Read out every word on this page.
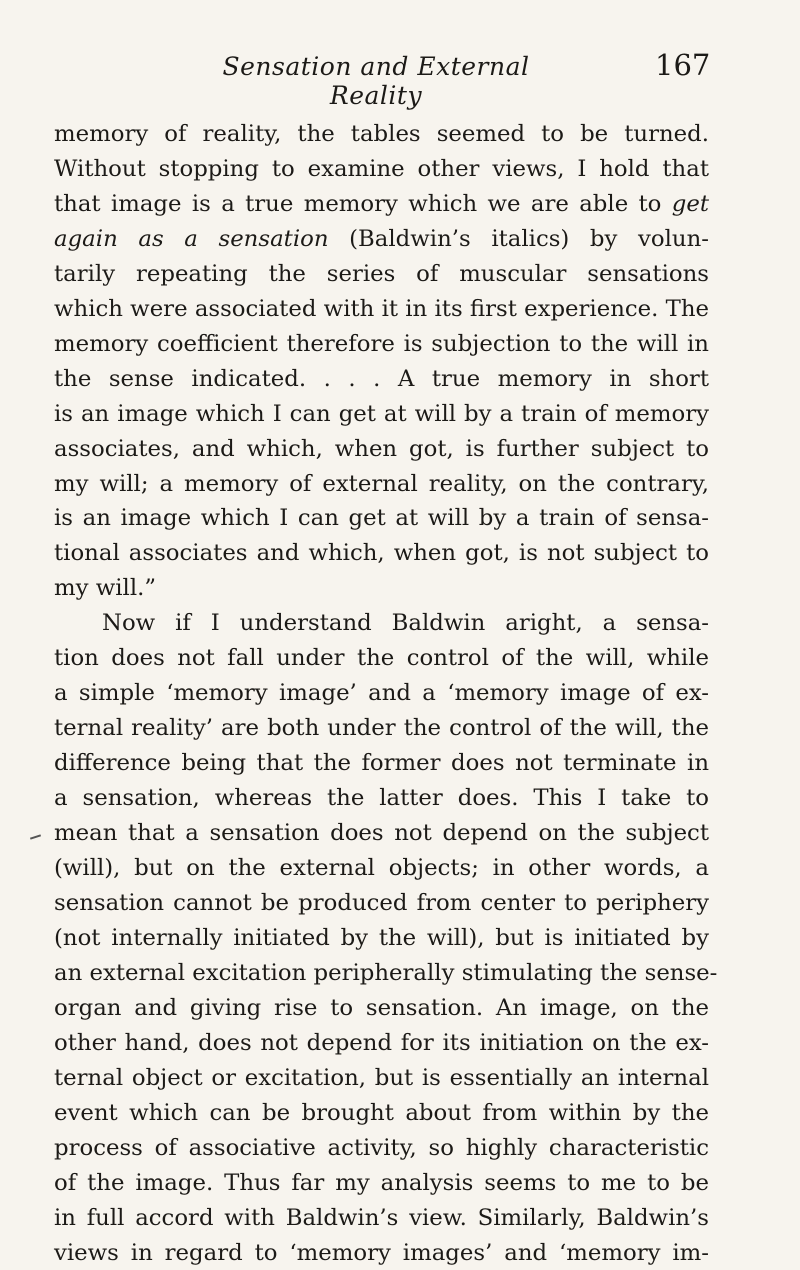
Sensation and External Reality
167
memory of reality, the tables seemed to be turned.
Without stopping to examine other views, I hold that
that image is a true memory which we are able to get
again as a sensation (Baldwin’s italics) by volun-
tarily repeating the series of muscular sensations
which were associated with it in its first experience. The
memory coefficient therefore is subjection to the will in
the sense indicated. . . . A true memory in short
is an image which I can get at will by a train of memory
associates, and which, when got, is further subject to
my will; a memory of external reality, on the contrary,
is an image which I can get at will by a train of sensa-
tional associates and which, when got, is not subject to
my will.”
Now if I understand Baldwin aright, a sensa-
tion does not fall under the control of the will, while
a simple ‘memory image’ and a ‘memory image of ex-
ternal reality’ are both under the control of the will, the
difference being that the former does not terminate in
a sensation, whereas the latter does. This I take to
mean that a sensation does not depend on the subject
(will), but on the external objects; in other words, a
sensation cannot be produced from center to periphery
(not internally initiated by the will), but is initiated by
an external excitation peripherally stimulating the sense-
organ and giving rise to sensation. An image, on the
other hand, does not depend for its initiation on the ex-
ternal object or excitation, but is essentially an internal
event which can be brought about from within by the
process of associative activity, so highly characteristic
of the image. Thus far my analysis seems to me to be
in full accord with Baldwin’s view. Similarly, Baldwin’s
views in regard to ‘memory images’ and ‘memory im-
